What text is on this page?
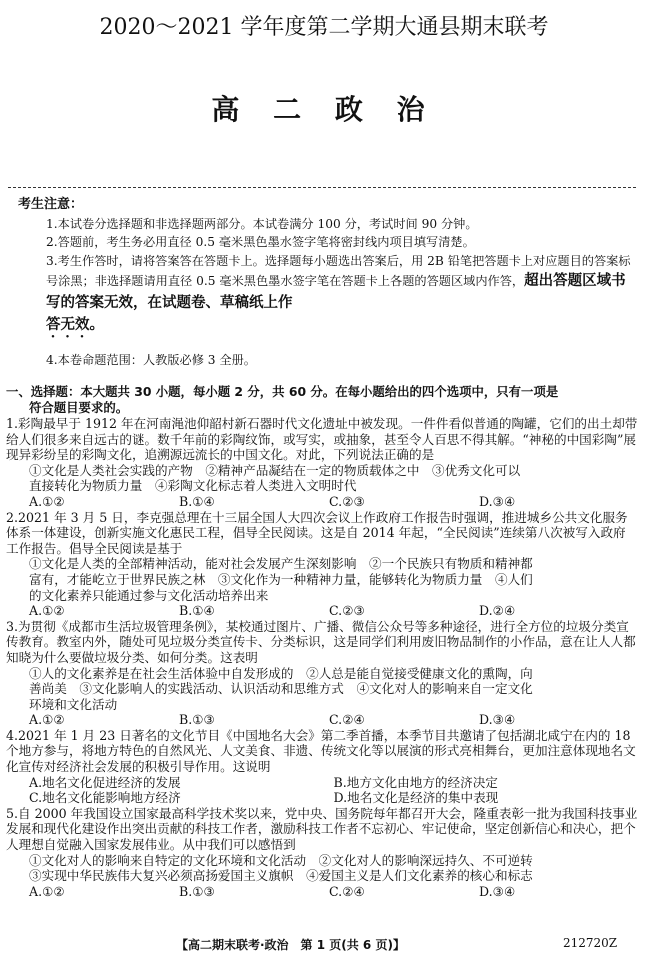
2020～2021 学年度第二学期大通县期末联考
高 二 政 治
考生注意：
1.本试卷分选择题和非选择题两部分。本试卷满分 100 分，考试时间 90 分钟。
2.答题前，考生务必用直径 0.5 毫米黑色墨水签字笔将密封线内项目填写清楚。
3.考生作答时，请将答案答在答题卡上。选择题每小题选出答案后，用 2B 铅笔把答题卡上对应题目的答案标号涂黑；非选择题请用直径 0.5 毫米黑色墨水签字笔在答题卡上各题的答题区域内作答，超出答题区域书写的答案无效，在试题卷、草稿纸上作
答无效。
4.本卷命题范围：人教版必修 3 全册。
一、选择题：本大题共 30 小题，每小题 2 分，共 60 分。在每小题给出的四个选项中，只有一项是
符合题目要求的。

1.彩陶最早于 1912 年在河南渑池仰韶村新石器时代文化遗址中被发现。一件件看似普通的陶罐，它们的出土却带给人们很多来自远古的谜。数千年前的彩陶纹饰，或写实，或抽象，甚至令人百思不得其解。“神秘的中国彩陶”展现异彩纷呈的彩陶文化，追溯源远流长的中国文化。对此，下列说法正确的是

①文化是人类社会实践的产物　②精神产品凝结在一定的物质载体之中　③优秀文化可以

直接转化为物质力量　④彩陶文化标志着人类进入文明时代

A.①②	B.①④	C.②③	D.③④

2.2021 年 3 月 5 日，李克强总理在十三届全国人大四次会议上作政府工作报告时强调，推进城乡公共文化服务体系一体建设，创新实施文化惠民工程，倡导全民阅读。这是自 2014 年起，“全民阅读”连续第八次被写入政府工作报告。倡导全民阅读是基于

①文化是人类的全部精神活动，能对社会发展产生深刻影响　②一个民族只有物质和精神都

富有，才能屹立于世界民族之林　③文化作为一种精神力量，能够转化为物质力量　④人们

的文化素养只能通过参与文化活动培养出来

A.①②	B.①④	C.②③	D.②④

3.为贯彻《成都市生活垃圾管理条例》，某校通过图片、广播、微信公众号等多种途径，进行全方位的垃圾分类宣传教育。教室内外，随处可见垃圾分类宣传卡、分类标识，这是同学们利用废旧物品制作的小作品，意在让人人都知晓为什么要做垃圾分类、如何分类。这表明

①人的文化素养是在社会生活体验中自发形成的　②人总是能自觉接受健康文化的熏陶，向

善尚美　③文化影响人的实践活动、认识活动和思维方式　④文化对人的影响来自一定文化

环境和文化活动

A.①②	B.①③	C.②④	D.③④

4.2021 年 1 月 23 日著名的文化节目《中国地名大会》第二季首播，本季节目共邀请了包括湖北咸宁在内的 18 个地方参与，将地方特色的自然风光、人文美食、非遗、传统文化等以展演的形式亮相舞台，更加注意体现地名文化宣传对经济社会发展的积极引导作用。这说明

A.地名文化促进经济的发展	B.地方文化由地方的经济决定
C.地名文化能影响地方经济	D.地名文化是经济的集中表现

5.自 2000 年我国设立国家最高科学技术奖以来，党中央、国务院每年都召开大会，隆重表彰一批为我国科技事业发展和现代化建设作出突出贡献的科技工作者，激励科技工作者不忘初心、牢记使命，坚定创新信心和决心，把个人理想自觉融入国家发展伟业。从中我们可以感悟到

①文化对人的影响来自特定的文化环境和文化活动　②文化对人的影响深远持久、不可逆转

③实现中华民族伟大复兴必须高扬爱国主义旗帜　④爱国主义是人们文化素养的核心和标志

A.①②	B.①③	C.②④	D.③④
【高二期末联考·政治　第 1 页(共 6 页)】	212720Z
